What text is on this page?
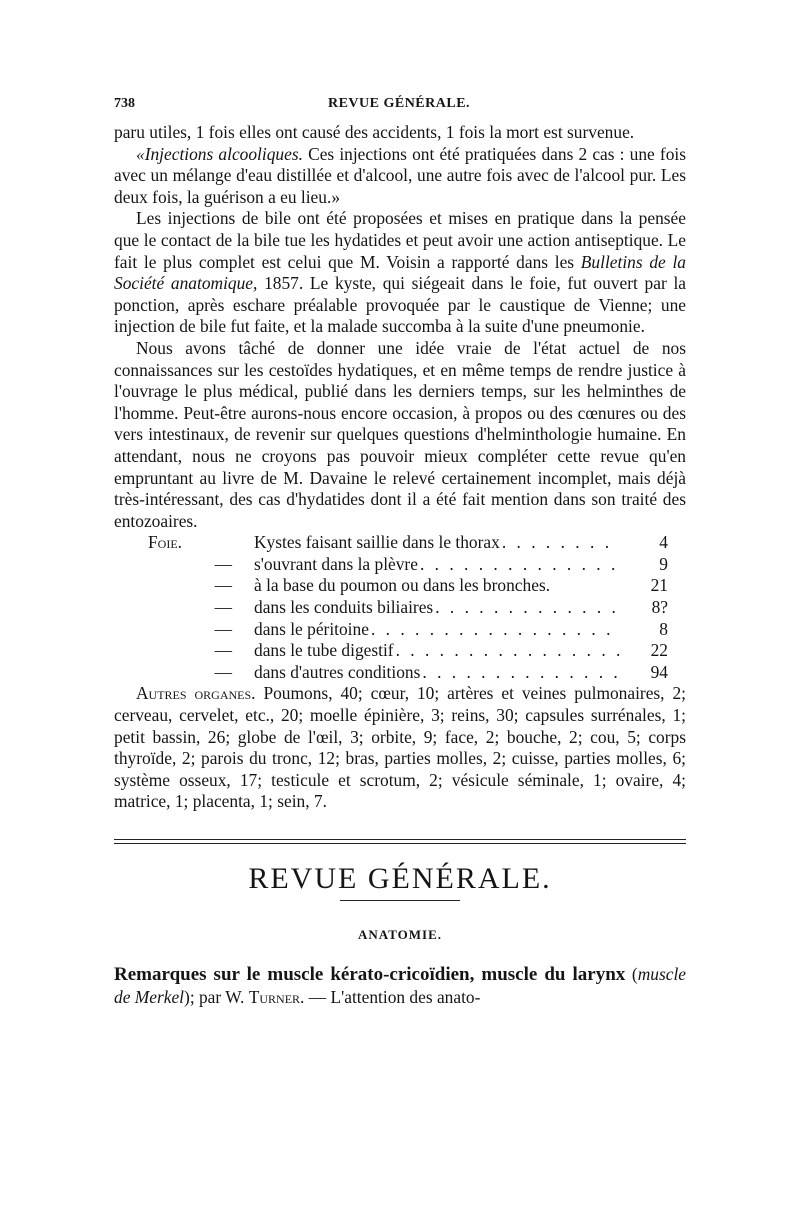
738	REVUE GÉNÉRALE.

paru utiles, 1 fois elles ont causé des accidents, 1 fois la mort est survenue.

«Injections alcooliques. Ces injections ont été pratiquées dans 2 cas : une fois avec un mélange d'eau distillée et d'alcool, une autre fois avec de l'alcool pur. Les deux fois, la guérison a eu lieu.»

Les injections de bile ont été proposées et mises en pratique dans la pensée que le contact de la bile tue les hydatides et peut avoir une action antiseptique. Le fait le plus complet est celui que M. Voisin a rapporté dans les Bulletins de la Société anatomique, 1857. Le kyste, qui siégeait dans le foie, fut ouvert par la ponction, après eschare préalable provoquée par le caustique de Vienne; une injection de bile fut faite, et la malade succomba à la suite d'une pneumonie.

Nous avons tâché de donner une idée vraie de l'état actuel de nos connaissances sur les cestoïdes hydatiques, et en même temps de rendre justice à l'ouvrage le plus médical, publié dans les derniers temps, sur les helminthes de l'homme. Peut-être aurons-nous encore occasion, à propos ou des cœnures ou des vers intestinaux, de revenir sur quelques questions d'helminthologie humaine. En attendant, nous ne croyons pas pouvoir mieux compléter cette revue qu'en empruntant au livre de M. Davaine le relevé certainement incomplet, mais déjà très-intéressant, des cas d'hydatides dont il a été fait mention dans son traité des entozoaires.

Foie.	Kystes faisant saillie dans le thorax . . .	4
—	s'ouvrant dans la plèvre . . .	9
—	à la base du poumon ou dans les bronches.	21
—	dans les conduits biliaires . . .	8?
—	dans le péritoine . . .	8
—	dans le tube digestif . . .	22
—	dans d'autres conditions . . .	94

Autres organes. Poumons, 40; cœur, 10; artères et veines pulmonaires, 2; cerveau, cervelet, etc., 20; moelle épinière, 3; reins, 30; capsules surrénales, 1; petit bassin, 26; globe de l'œil, 3; orbite, 9; face, 2; bouche, 2; cou, 5; corps thyroïde, 2; parois du tronc, 12; bras, parties molles, 2; cuisse, parties molles, 6; système osseux, 17; testicule et scrotum, 2; vésicule séminale, 1; ovaire, 4; matrice, 1; placenta, 1; sein, 7.

REVUE GÉNÉRALE.
ANATOMIE.

Remarques sur le muscle kérato-cricoïdien, muscle du larynx (muscle de Merkel); par W. Turner. — L'attention des anato-
